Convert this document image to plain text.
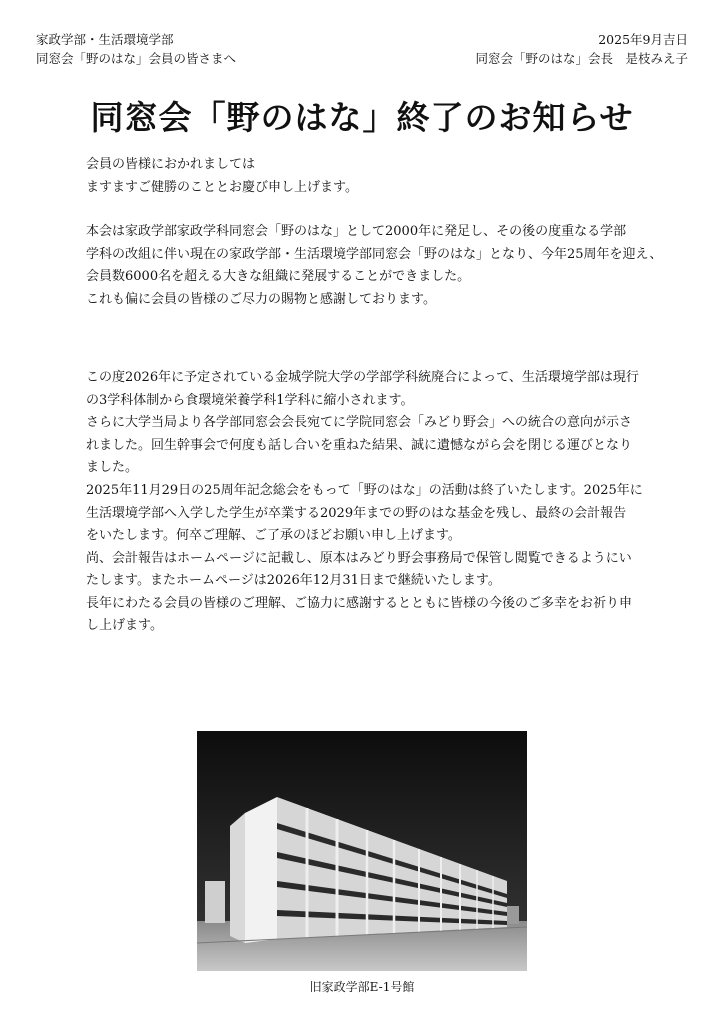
家政学部・生活環境学部
同窓会「野のはな」会員の皆さまへ
2025年9月吉日
同窓会「野のはな」会長　是枝みえ子
同窓会「野のはな」終了のお知らせ

会員の皆様におかれましては

ますますご健勝のこととお慶び申し上げます。

本会は家政学部家政学科同窓会「野のはな」として2000年に発足し、その後の度重なる学部

学科の改組に伴い現在の家政学部・生活環境学部同窓会「野のはな」となり、今年25周年を迎え、

会員数6000名を超える大きな組織に発展することができました。

これも偏に会員の皆様のご尽力の賜物と感謝しております。

この度2026年に予定されている金城学院大学の学部学科統廃合によって、生活環境学部は現行

の3学科体制から食環境栄養学科1学科に縮小されます。

さらに大学当局より各学部同窓会会長宛てに学院同窓会「みどり野会」への統合の意向が示さ

れました。回生幹事会で何度も話し合いを重ねた結果、誠に遺憾ながら会を閉じる運びとなり

ました。

2025年11月29日の25周年記念総会をもって「野のはな」の活動は終了いたします。2025年に

生活環境学部へ入学した学生が卒業する2029年までの野のはな基金を残し、最終の会計報告

をいたします。何卒ご理解、ご了承のほどお願い申し上げます。

尚、会計報告はホームページに記載し、原本はみどり野会事務局で保管し閲覧できるようにい

たします。またホームページは2026年12月31日まで継続いたします。

長年にわたる会員の皆様のご理解、ご協力に感謝するとともに皆様の今後のご多幸をお祈り申

し上げます。

旧家政学部E-1号館
